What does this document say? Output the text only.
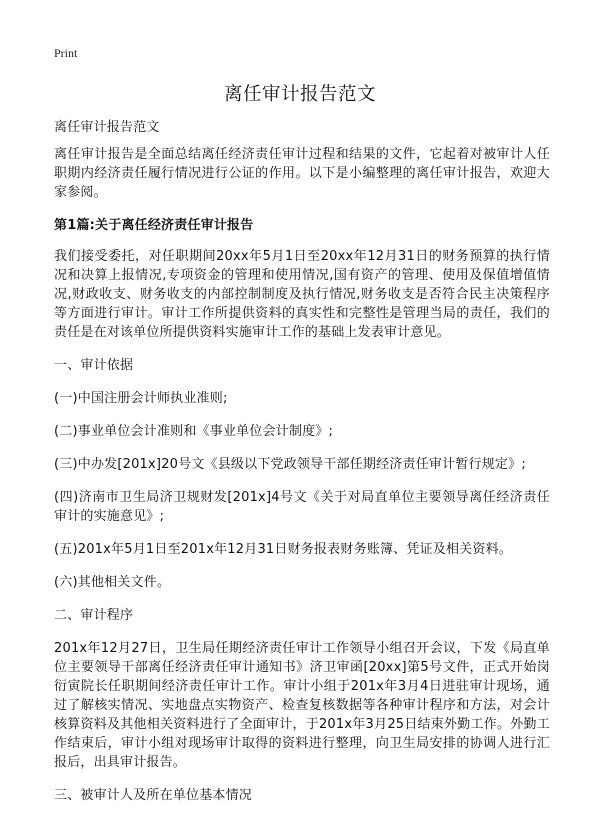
Print
离任审计报告范文

离任审计报告范文

离任审计报告是全面总结离任经济责任审计过程和结果的文件，它起着对被审计人任职期内经济责任履行情况进行公证的作用。以下是小编整理的离任审计报告，欢迎大家参阅。

第1篇:关于离任经济责任审计报告

我们接受委托，对任职期间20xx年5月1日至20xx年12月31日的财务预算的执行情况和决算上报情况,专项资金的管理和使用情况,国有资产的管理、使用及保值增值情况,财政收支、财务收支的内部控制制度及执行情况,财务收支是否符合民主决策程序等方面进行审计。审计工作所提供资料的真实性和完整性是管理当局的责任，我们的责任是在对该单位所提供资料实施审计工作的基础上发表审计意见。

一、审计依据

(一)中国注册会计师执业准则;

(二)事业单位会计准则和《事业单位会计制度》;

(三)中办发[201x]20号文《县级以下党政领导干部任期经济责任审计暂行规定》;

(四)济南市卫生局济卫规财发[201x]4号文《关于对局直单位主要领导离任经济责任审计的实施意见》;

(五)201x年5月1日至201x年12月31日财务报表财务账簿、凭证及相关资料。

(六)其他相关文件。

二、审计程序

201x年12月27日，卫生局任期经济责任审计工作领导小组召开会议，下发《局直单位主要领导干部离任经济责任审计通知书》济卫审函[20xx]第5号文件，正式开始岗衍寅院长任职期间经济责任审计工作。审计小组于201x年3月4日进驻审计现场，通过了解核实情况、实地盘点实物资产、检查复核数据等各种审计程序和方法，对会计核算资料及其他相关资料进行了全面审计，于201x年3月25日结束外勤工作。外勤工作结束后，审计小组对现场审计取得的资料进行整理，向卫生局安排的协调人进行汇报后，出具审计报告。

三、被审计人及所在单位基本情况
